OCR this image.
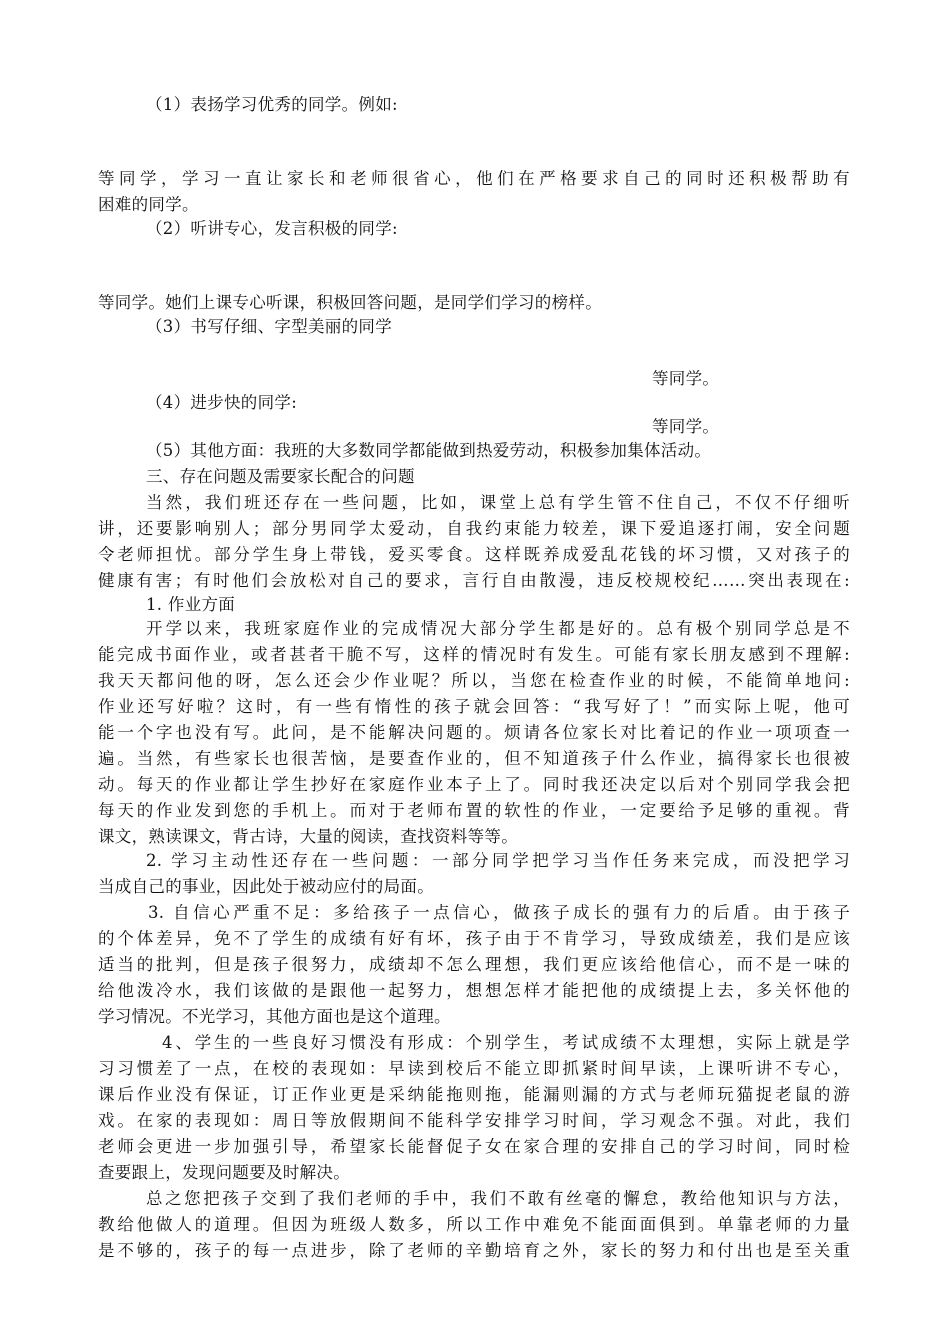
（1）表扬学习优秀的同学。例如:
等同学，学习一直让家长和老师很省心，他们在严格要求自己的同时还积极帮助有
困难的同学。
（2）听讲专心，发言积极的同学:
等同学。她们上课专心听课，积极回答问题，是同学们学习的榜样。
（3）书写仔细、字型美丽的同学
等同学。
（4）进步快的同学:
等同学。
（5）其他方面：我班的大多数同学都能做到热爱劳动，积极参加集体活动。
三、存在问题及需要家长配合的问题
当然，我们班还存在一些问题，比如，课堂上总有学生管不住自己，不仅不仔细听
讲，还要影响别人；部分男同学太爱动，自我约束能力较差，课下爱追逐打闹，安全问题
令老师担忧。部分学生身上带钱，爱买零食。这样既养成爱乱花钱的坏习惯，又对孩子的
健康有害；有时他们会放松对自己的要求，言行自由散漫，违反校规校纪……突出表现在:
1. 作业方面
开学以来，我班家庭作业的完成情况大部分学生都是好的。总有极个别同学总是不
能完成书面作业，或者甚者干脆不写，这样的情况时有发生。可能有家长朋友感到不理解:
我天天都问他的呀，怎么还会少作业呢？所以，当您在检查作业的时候，不能简单地问:
作业还写好啦？这时，有一些有惰性的孩子就会回答：“我写好了！”而实际上呢，他可
能一个字也没有写。此问，是不能解决问题的。烦请各位家长对比着记的作业一项项查一
遍。当然，有些家长也很苦恼，是要查作业的，但不知道孩子什么作业，搞得家长也很被
动。每天的作业都让学生抄好在家庭作业本子上了。同时我还决定以后对个别同学我会把
每天的作业发到您的手机上。而对于老师布置的软性的作业，一定要给予足够的重视。背
课文，熟读课文，背古诗，大量的阅读，查找资料等等。
2. 学习主动性还存在一些问题：一部分同学把学习当作任务来完成，而没把学习
当成自己的事业，因此处于被动应付的局面。
3. 自信心严重不足：多给孩子一点信心，做孩子成长的强有力的后盾。由于孩子
的个体差异，免不了学生的成绩有好有坏，孩子由于不肯学习，导致成绩差，我们是应该
适当的批判，但是孩子很努力，成绩却不怎么理想，我们更应该给他信心，而不是一味的
给他泼冷水，我们该做的是跟他一起努力，想想怎样才能把他的成绩提上去，多关怀他的
学习情况。不光学习，其他方面也是这个道理。
4、学生的一些良好习惯没有形成：个别学生，考试成绩不太理想，实际上就是学
习习惯差了一点，在校的表现如：早读到校后不能立即抓紧时间早读，上课听讲不专心，
课后作业没有保证，订正作业更是采纳能拖则拖，能漏则漏的方式与老师玩猫捉老鼠的游
戏。在家的表现如：周日等放假期间不能科学安排学习时间，学习观念不强。对此，我们
老师会更进一步加强引导，希望家长能督促子女在家合理的安排自己的学习时间，同时检
查要跟上，发现问题要及时解决。
总之您把孩子交到了我们老师的手中，我们不敢有丝毫的懈怠，教给他知识与方法，
教给他做人的道理。但因为班级人数多，所以工作中难免不能面面俱到。单靠老师的力量
是不够的，孩子的每一点进步，除了老师的辛勤培育之外，家长的努力和付出也是至关重
